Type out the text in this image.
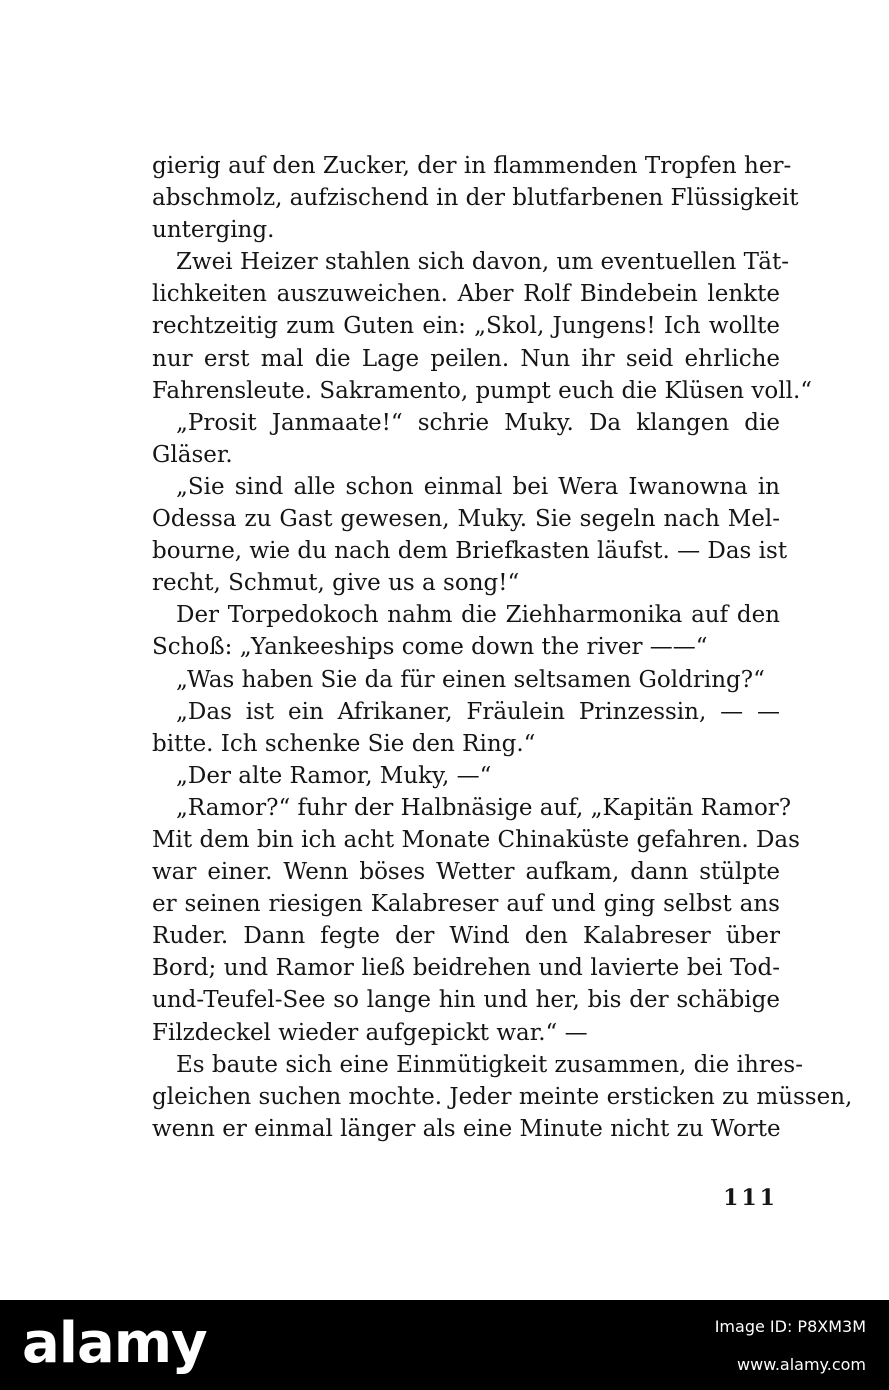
gierig auf den Zucker, der in flammenden Tropfen her-
abschmolz, aufzischend in der blutfarbenen Flüssigkeit
unterging.
Zwei Heizer stahlen sich davon, um eventuellen Tät-
lichkeiten auszuweichen. Aber Rolf Bindebein lenkte
rechtzeitig zum Guten ein: „Skol, Jungens! Ich wollte
nur erst mal die Lage peilen. Nun ihr seid ehrliche
Fahrensleute. Sakramento, pumpt euch die Klüsen voll.“
„Prosit Janmaate!“ schrie Muky. Da klangen die
Gläser.
„Sie sind alle schon einmal bei Wera Iwanowna in
Odessa zu Gast gewesen, Muky. Sie segeln nach Mel-
bourne, wie du nach dem Briefkasten läufst. — Das ist
recht, Schmut, give us a song!“
Der Torpedokoch nahm die Ziehharmonika auf den
Schoß: „Yankeeships come down the river ——“
„Was haben Sie da für einen seltsamen Goldring?“
„Das ist ein Afrikaner, Fräulein Prinzessin, — —
bitte. Ich schenke Sie den Ring.“
„Der alte Ramor, Muky, —“
„Ramor?“ fuhr der Halbnäsige auf, „Kapitän Ramor?
Mit dem bin ich acht Monate Chinaküste gefahren. Das
war einer. Wenn böses Wetter aufkam, dann stülpte
er seinen riesigen Kalabreser auf und ging selbst ans
Ruder. Dann fegte der Wind den Kalabreser über
Bord; und Ramor ließ beidrehen und lavierte bei Tod-
und-Teufel-See so lange hin und her, bis der schäbige
Filzdeckel wieder aufgepickt war.“ —
Es baute sich eine Einmütigkeit zusammen, die ihres-
gleichen suchen mochte. Jeder meinte ersticken zu müssen,
wenn er einmal länger als eine Minute nicht zu Worte
111
alamy	Image ID: P8XM3M
www.alamy.com
